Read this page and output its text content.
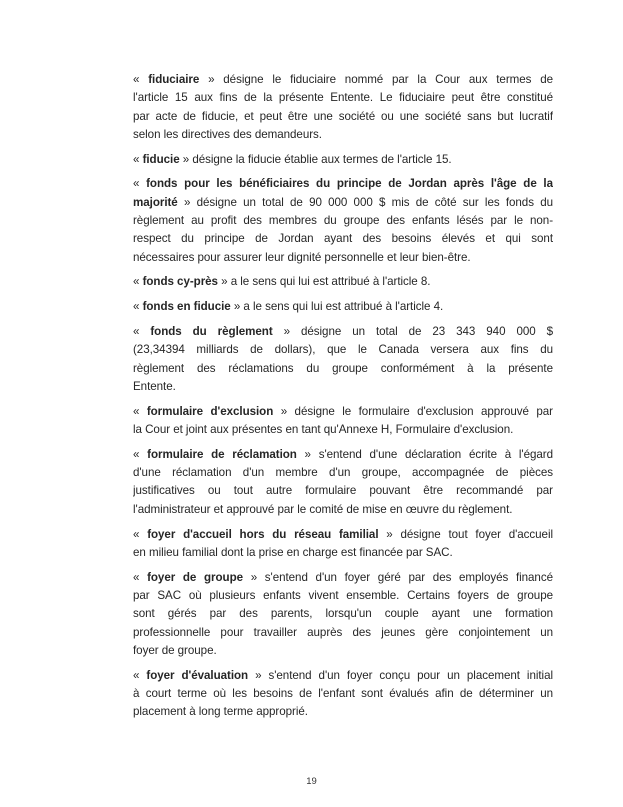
« fiduciaire » désigne le fiduciaire nommé par la Cour aux termes de
l'article 15 aux fins de la présente Entente. Le fiduciaire peut être constitué
par acte de fiducie, et peut être une société ou une société sans but lucratif
selon les directives des demandeurs.
« fiducie » désigne la fiducie établie aux termes de l'article 15.
« fonds pour les bénéficiaires du principe de Jordan après l'âge de la
majorité » désigne un total de 90 000 000 $ mis de côté sur les fonds du
règlement au profit des membres du groupe des enfants lésés par le non-
respect du principe de Jordan ayant des besoins élevés et qui sont
nécessaires pour assurer leur dignité personnelle et leur bien-être.
« fonds cy-près » a le sens qui lui est attribué à l'article 8.
« fonds en fiducie » a le sens qui lui est attribué à l'article 4.
« fonds du règlement » désigne un total de 23 343 940 000 $
(23,34394 milliards de dollars), que le Canada versera aux fins du
règlement des réclamations du groupe conformément à la présente
Entente.
« formulaire d'exclusion » désigne le formulaire d'exclusion approuvé par
la Cour et joint aux présentes en tant qu'Annexe H, Formulaire d'exclusion.
« formulaire de réclamation » s'entend d'une déclaration écrite à l'égard
d'une réclamation d'un membre d'un groupe, accompagnée de pièces
justificatives ou tout autre formulaire pouvant être recommandé par
l'administrateur et approuvé par le comité de mise en œuvre du règlement.
« foyer d'accueil hors du réseau familial » désigne tout foyer d'accueil
en milieu familial dont la prise en charge est financée par SAC.
« foyer de groupe » s'entend d'un foyer géré par des employés financé
par SAC où plusieurs enfants vivent ensemble. Certains foyers de groupe
sont gérés par des parents, lorsqu'un couple ayant une formation
professionnelle pour travailler auprès des jeunes gère conjointement un
foyer de groupe.
« foyer d'évaluation » s'entend d'un foyer conçu pour un placement initial
à court terme où les besoins de l'enfant sont évalués afin de déterminer un
placement à long terme approprié.
19
